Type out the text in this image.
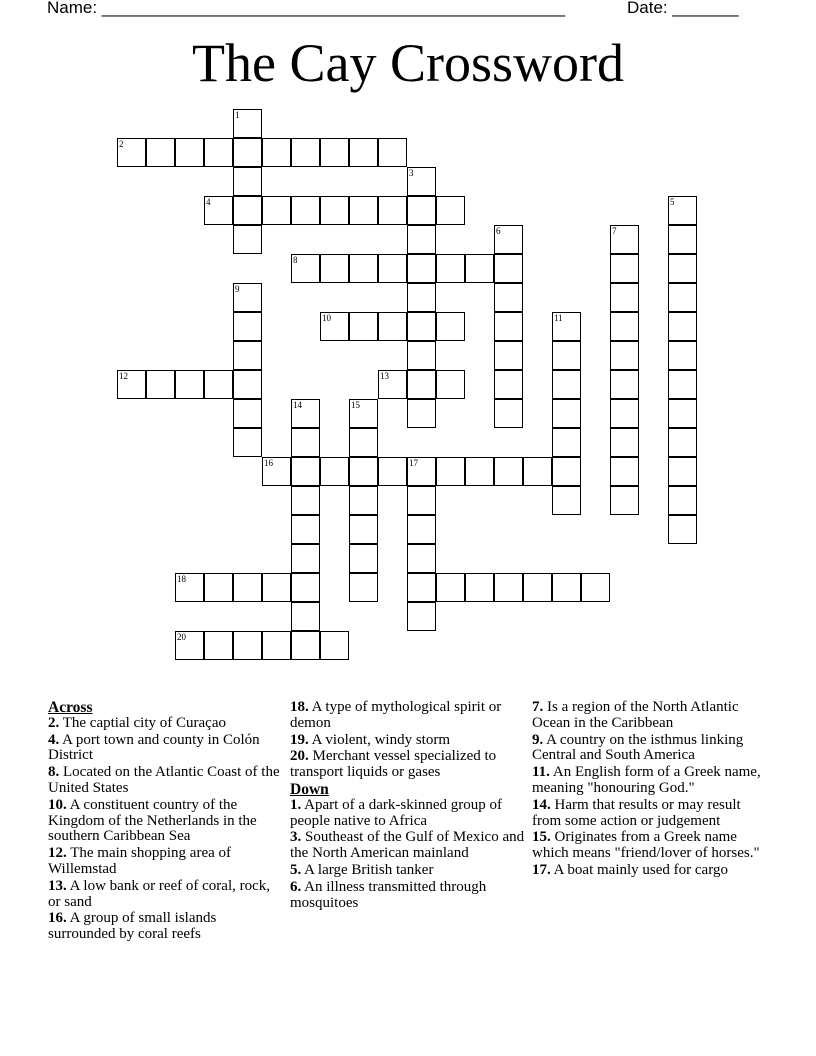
Name: _________________________________________________	Date: _______
The Cay Crossword
1
2
3
4	5
6	7
8
9
10	11
12	13
14	15
16	17
18
20
Across
2. The captial city of Curaçao
4. A port town and county in Colón District
8. Located on the Atlantic Coast of the United States
10. A constituent country of the Kingdom of the Netherlands in the southern Caribbean Sea
12. The main shopping area of Willemstad
13. A low bank or reef of coral, rock, or sand
16. A group of small islands surrounded by coral reefs
18. A type of mythological spirit or demon
19. A violent, windy storm
20. Merchant vessel specialized to transport liquids or gases
Down
1. Apart of a dark-skinned group of people native to Africa
3. Southeast of the Gulf of Mexico and the North American mainland
5. A large British tanker
6. An illness transmitted through mosquitoes
7. Is a region of the North Atlantic Ocean in the Caribbean
9. A country on the isthmus linking Central and South America
11. An English form of a Greek name, meaning "honouring God."
14. Harm that results or may result from some action or judgement
15. Originates from a Greek name which means "friend/lover of horses."
17. A boat mainly used for cargo
